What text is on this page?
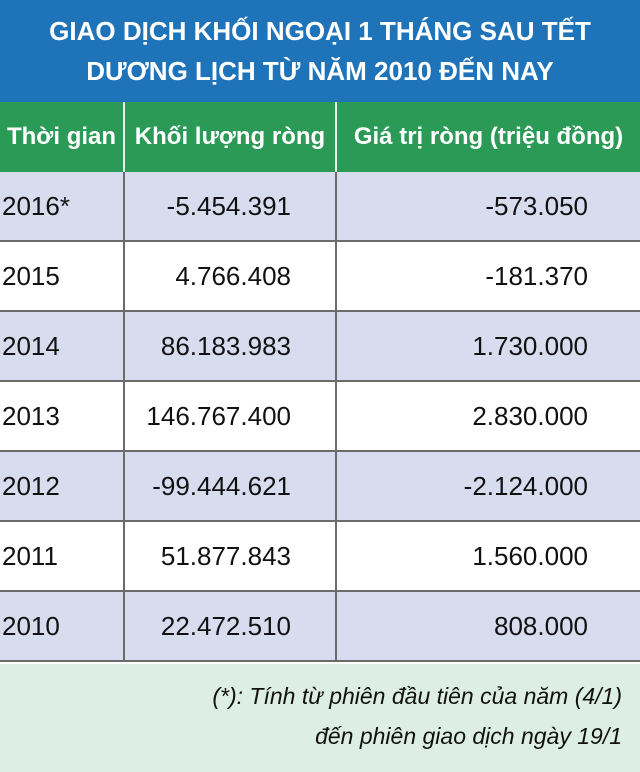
GIAO DỊCH KHỐI NGOẠI 1 THÁNG SAU TẾT
DƯƠNG LỊCH TỪ NĂM 2010 ĐẾN NAY
Thời gian	Khối lượng ròng	Giá trị ròng (triệu đồng)
2016*	-5.454.391	-573.050
2015	4.766.408	-181.370
2014	86.183.983	1.730.000
2013	146.767.400	2.830.000
2012	-99.444.621	-2.124.000
2011	51.877.843	1.560.000
2010	22.472.510	808.000
(*): Tính từ phiên đầu tiên của năm (4/1)
đến phiên giao dịch ngày 19/1
